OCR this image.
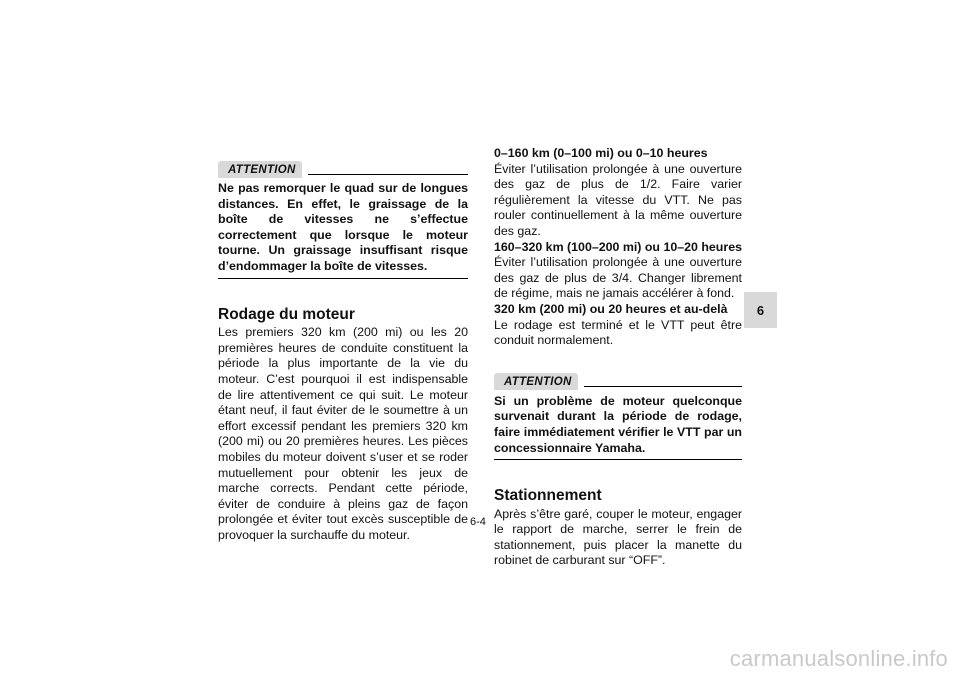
ATTENTION
Ne pas remorquer le quad sur de longues distances. En effet, le graissage de la boîte de vitesses ne s’effectue correctement que lorsque le moteur tourne. Un graissage insuffisant risque d’endommager la boîte de vitesses.
Rodage du moteur
Les premiers 320 km (200 mi) ou les 20 premières heures de conduite constituent la période la plus importante de la vie du moteur. C’est pourquoi il est indispensable de lire attentivement ce qui suit. Le moteur étant neuf, il faut éviter de le soumettre à un effort excessif pendant les premiers 320 km (200 mi) ou 20 premières heures. Les pièces mobiles du moteur doivent s’user et se roder mutuellement pour obtenir les jeux de marche corrects. Pendant cette période, éviter de conduire à pleins gaz de façon prolongée et éviter tout excès susceptible de provoquer la surchauffe du moteur.
0–160 km (0–100 mi) ou 0–10 heures
Éviter l’utilisation prolongée à une ouverture des gaz de plus de 1/2. Faire varier régulièrement la vitesse du VTT. Ne pas rouler continuellement à la même ouverture des gaz.
160–320 km (100–200 mi) ou 10–20 heures
Éviter l’utilisation prolongée à une ouverture des gaz de plus de 3/4. Changer librement de régime, mais ne jamais accélérer à fond.
320 km (200 mi) ou 20 heures et au-delà
Le rodage est terminé et le VTT peut être conduit normalement.
ATTENTION
Si un problème de moteur quelconque survenait durant la période de rodage, faire immédiatement vérifier le VTT par un concessionnaire Yamaha.
Stationnement
Après s’être garé, couper le moteur, engager le rapport de marche, serrer le frein de stationnement, puis placer la manette du robinet de carburant sur “OFF”.
6
6-4
carmanualsonline.info
